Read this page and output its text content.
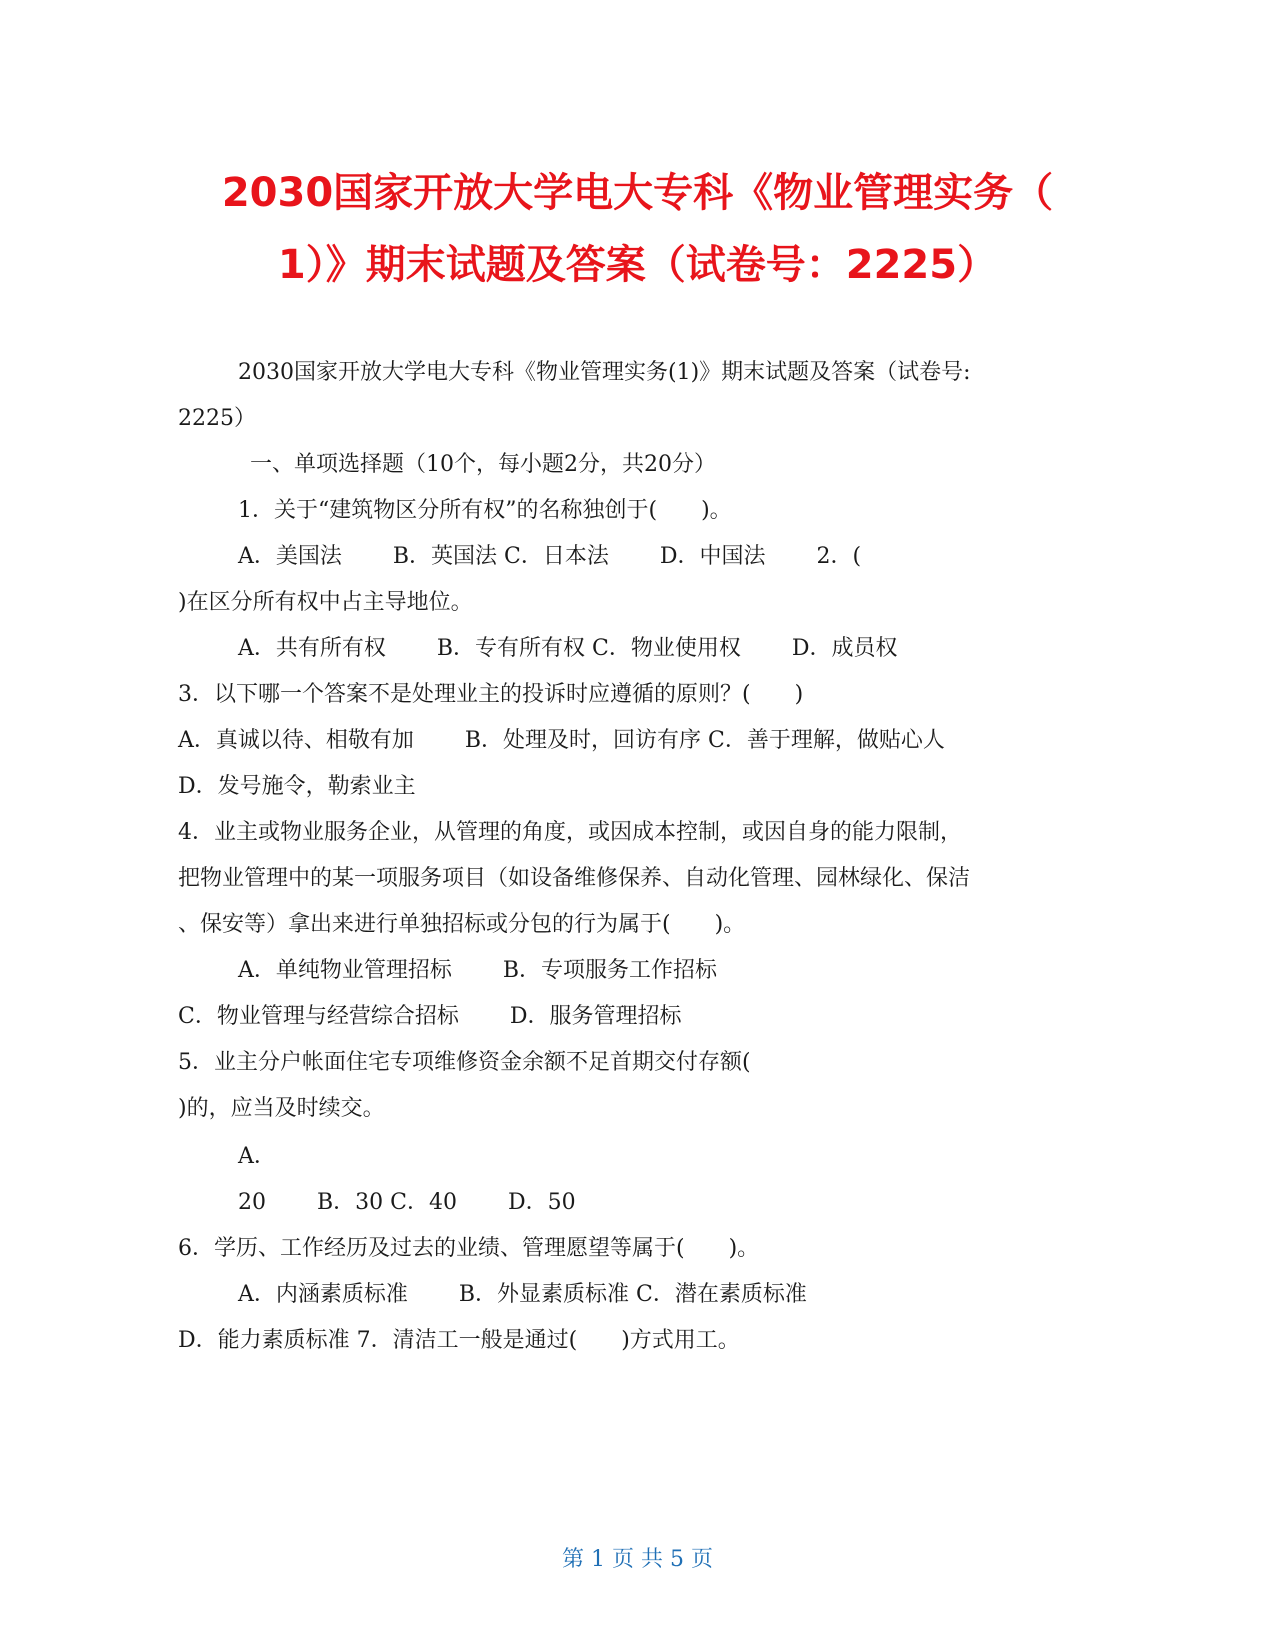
2030国家开放大学电大专科《物业管理实务（
1）》期末试题及答案（试卷号：2225）
2030国家开放大学电大专科《物业管理实务(1)》期末试题及答案（试卷号:
2225）
一、单项选择题（10个，每小题2分，共20分）
1．关于“建筑物区分所有权”的名称独创于(　　)。
A．美国法　　 B．英国法 C．日本法　　 D．中国法　　 2．(
)在区分所有权中占主导地位。
A．共有所有权　　 B．专有所有权 C．物业使用权　　 D．成员权
3．以下哪一个答案不是处理业主的投诉时应遵循的原则？(　　)
A．真诚以待、相敬有加　　 B．处理及时，回访有序 C．善于理解，做贴心人
D．发号施令，勒索业主
4．业主或物业服务企业，从管理的角度，或因成本控制，或因自身的能力限制，
把物业管理中的某一项服务项目（如设备维修保养、自动化管理、园林绿化、保洁
、保安等）拿出来进行单独招标或分包的行为属于(　　)。
A．单纯物业管理招标　　 B．专项服务工作招标
C．物业管理与经营综合招标　　 D．服务管理招标
5．业主分户帐面住宅专项维修资金余额不足首期交付存额(
)的，应当及时续交。
A．
20　　 B．30 C．40　　 D．50
6．学历、工作经历及过去的业绩、管理愿望等属于(　　)。
A．内涵素质标准　　 B．外显素质标准 C．潜在素质标准
D．能力素质标准 7．清洁工一般是通过(　　)方式用工。
第 1 页 共 5 页
